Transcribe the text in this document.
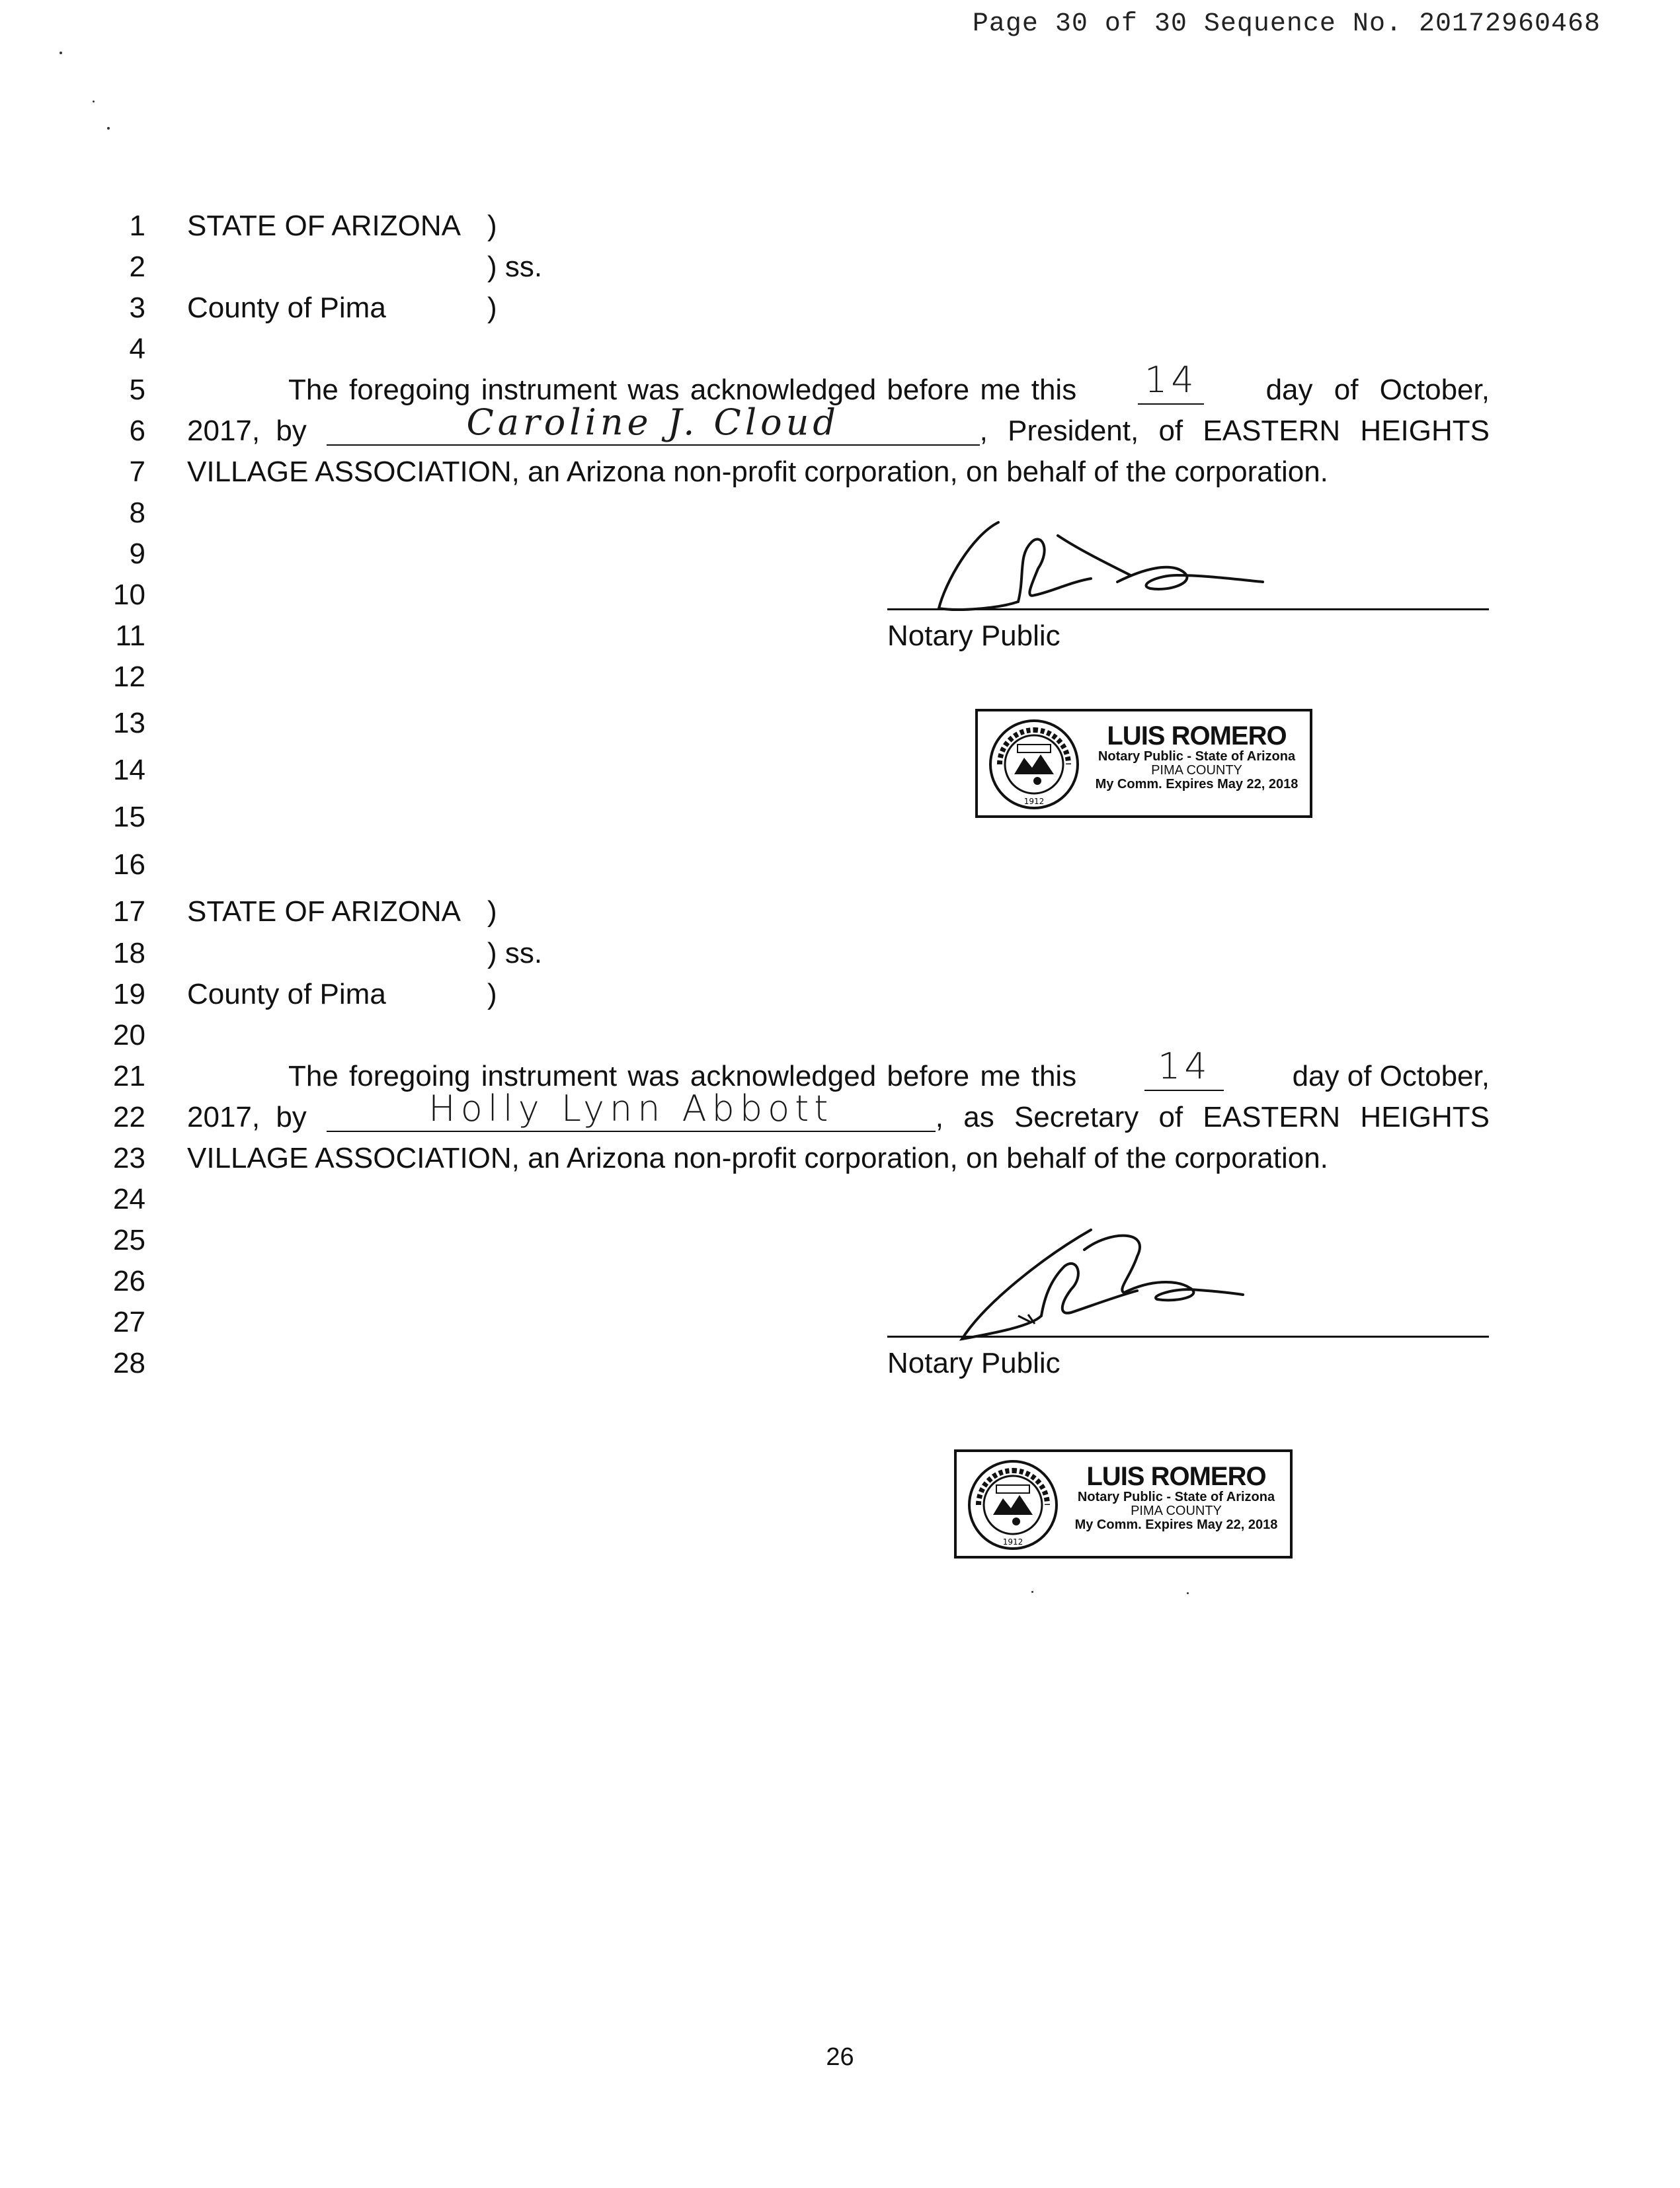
Page 30 of 30 Sequence No. 20172960468
1
2
3
4
5
6
7
8
9
10
11
12
13
14
15
16
17
18
19
20
21
22
23
24
25
26
27
28
STATE OF ARIZONA )
) ss.
County of Pima	)
The foregoing instrument was acknowledged before me this 14 day of October,
2017, by	Caroline J. Cloud	, President, of EASTERN HEIGHTS
VILLAGE ASSOCIATION, an Arizona non-profit corporation, on behalf of the corporation.
Notary Public
1912
LUIS ROMERO
Notary Public - State of Arizona
PIMA COUNTY
My Comm. Expires May 22, 2018
STATE OF ARIZONA )
) ss.
County of Pima	)
The foregoing instrument was acknowledged before me this	14	day of October,
2017, by	Holly Lynn Abbott	, as Secretary of EASTERN HEIGHTS
VILLAGE ASSOCIATION, an Arizona non-profit corporation, on behalf of the corporation.
Notary Public
1912
LUIS ROMERO
Notary Public - State of Arizona
PIMA COUNTY
My Comm. Expires May 22, 2018
26
